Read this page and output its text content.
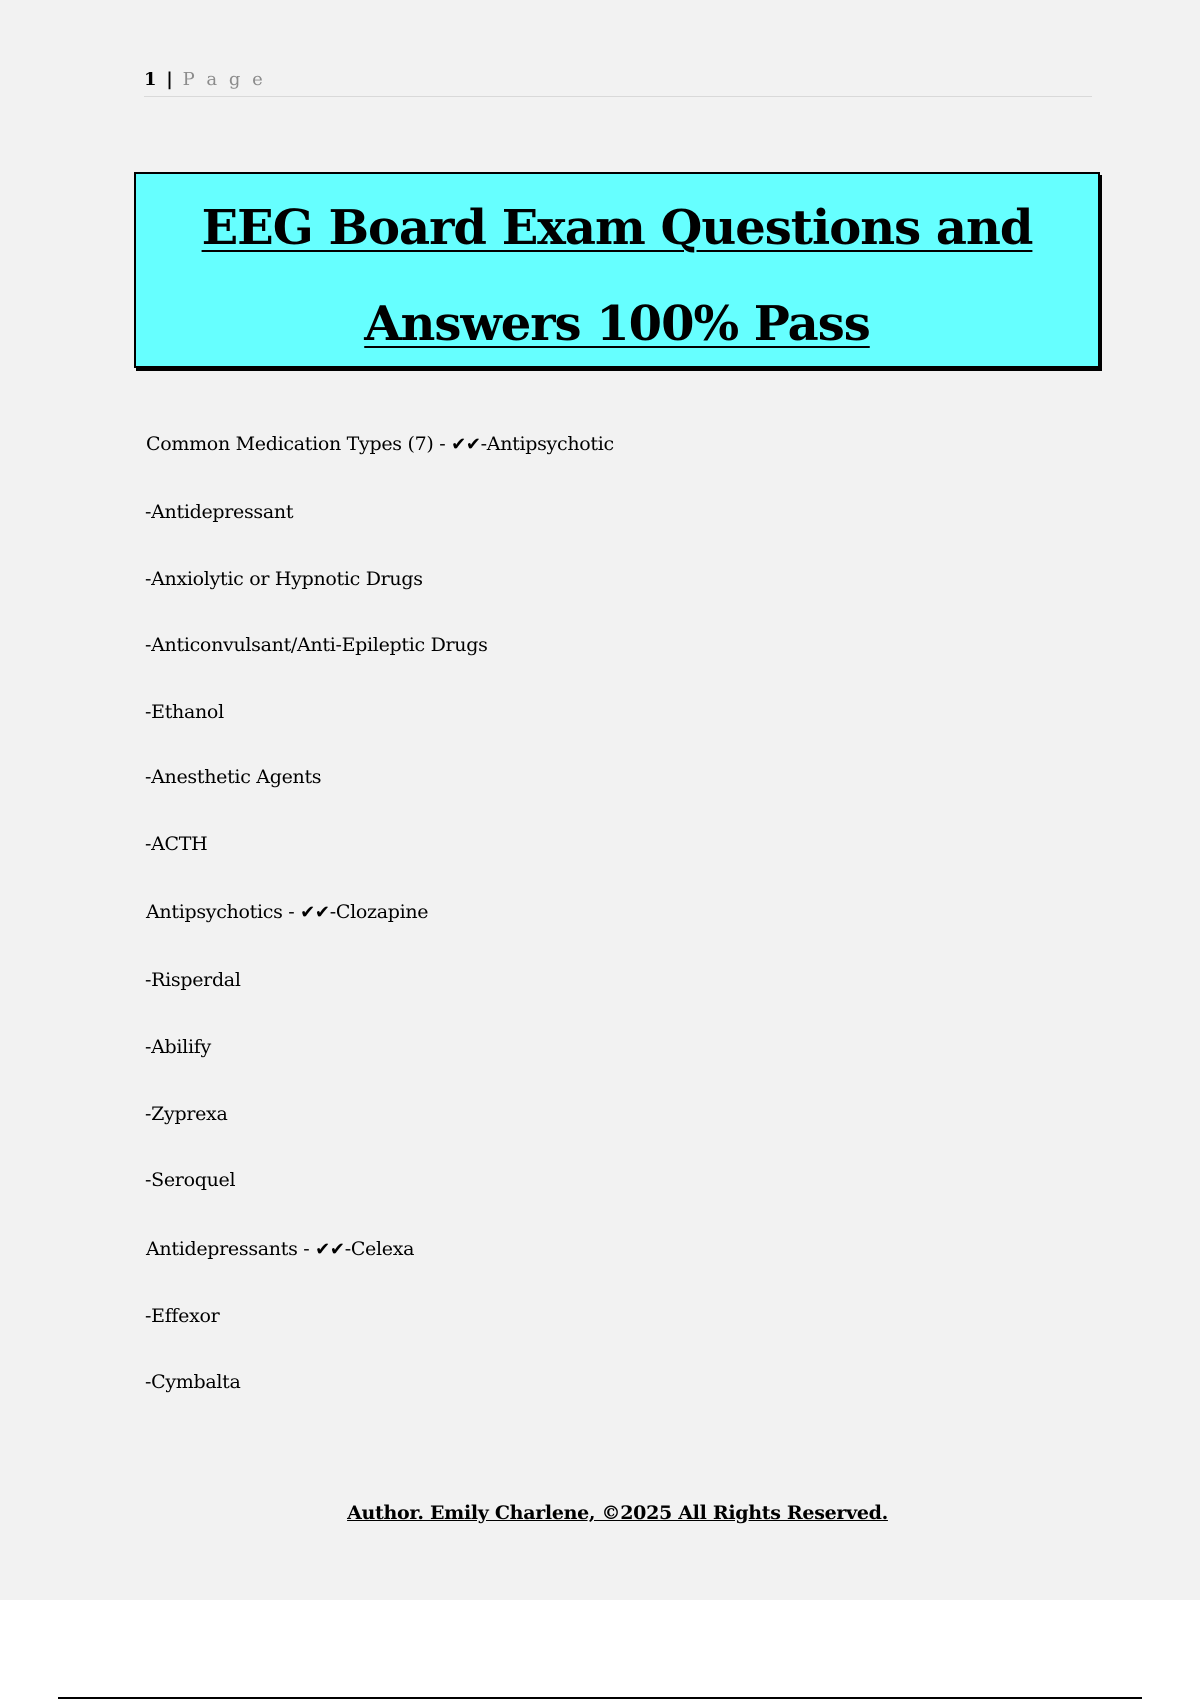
1 | P a g e
EEG Board Exam Questions and
Answers 100% Pass
Common Medication Types (7) - ✔✔-Antipsychotic
-Antidepressant
-Anxiolytic or Hypnotic Drugs
-Anticonvulsant/Anti-Epileptic Drugs
-Ethanol
-Anesthetic Agents
-ACTH
Antipsychotics - ✔✔-Clozapine
-Risperdal
-Abilify
-Zyprexa
-Seroquel
Antidepressants - ✔✔-Celexa
-Effexor
-Cymbalta
Author. Emily Charlene, ©2025 All Rights Reserved.
